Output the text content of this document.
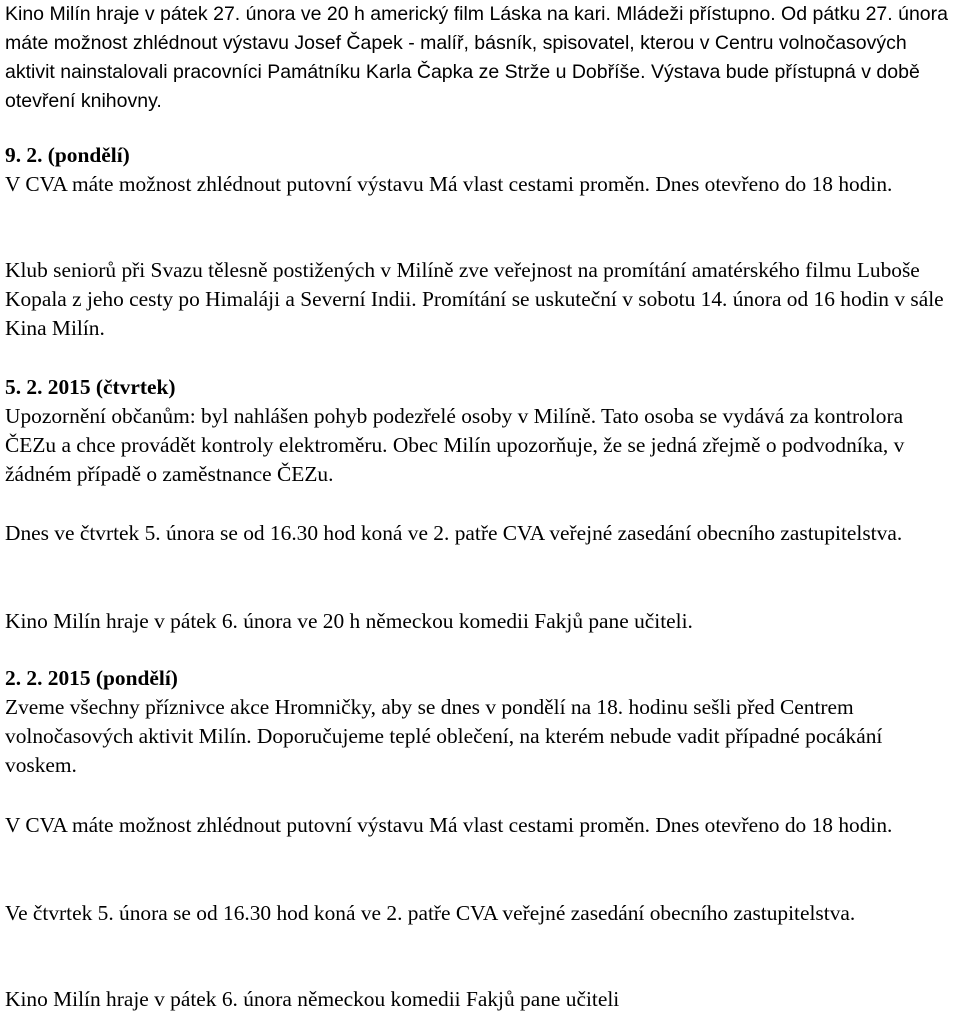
Kino Milín hraje v pátek 27. února ve 20 h americký film Láska na kari. Mládeži přístupno. Od pátku 27. února máte možnost zhlédnout výstavu Josef Čapek - malíř, básník, spisovatel, kterou v Centru volnočasových aktivit nainstalovali pracovníci Památníku Karla Čapka ze Strže u Dobříše. Výstava bude přístupná v době otevření knihovny.

9. 2. (pondělí)

V CVA máte možnost zhlédnout putovní výstavu Má vlast cestami proměn. Dnes otevřeno do 18 hodin.

Klub seniorů při Svazu tělesně postižených v Milíně zve veřejnost na promítání amatérského filmu Luboše Kopala z jeho cesty po Himaláji a Severní Indii. Promítání se uskuteční v sobotu 14. února od 16 hodin v sále Kina Milín.

5. 2. 2015 (čtvrtek)

Upozornění občanům: byl nahlášen pohyb podezřelé osoby v Milíně. Tato osoba se vydává za kontrolora ČEZu a chce provádět kontroly elektroměru. Obec Milín upozorňuje, že se jedná zřejmě o podvodníka, v žádném případě o zaměstnance ČEZu.

Dnes ve čtvrtek 5. února se od 16.30 hod koná ve 2. patře CVA veřejné zasedání obecního zastupitelstva.

Kino Milín hraje v pátek 6. února ve 20 h německou komedii Fakjů pane učiteli.

2. 2. 2015 (pondělí)

Zveme všechny příznivce akce Hromničky, aby se dnes v pondělí na 18. hodinu sešli před Centrem volnočasových aktivit Milín. Doporučujeme teplé oblečení, na kterém nebude vadit případné pocákání voskem.

V CVA máte možnost zhlédnout putovní výstavu Má vlast cestami proměn. Dnes otevřeno do 18 hodin.

Ve čtvrtek 5. února se od 16.30 hod koná ve 2. patře CVA veřejné zasedání obecního zastupitelstva.

Kino Milín hraje v pátek 6. února německou komedii Fakjů pane učiteli
